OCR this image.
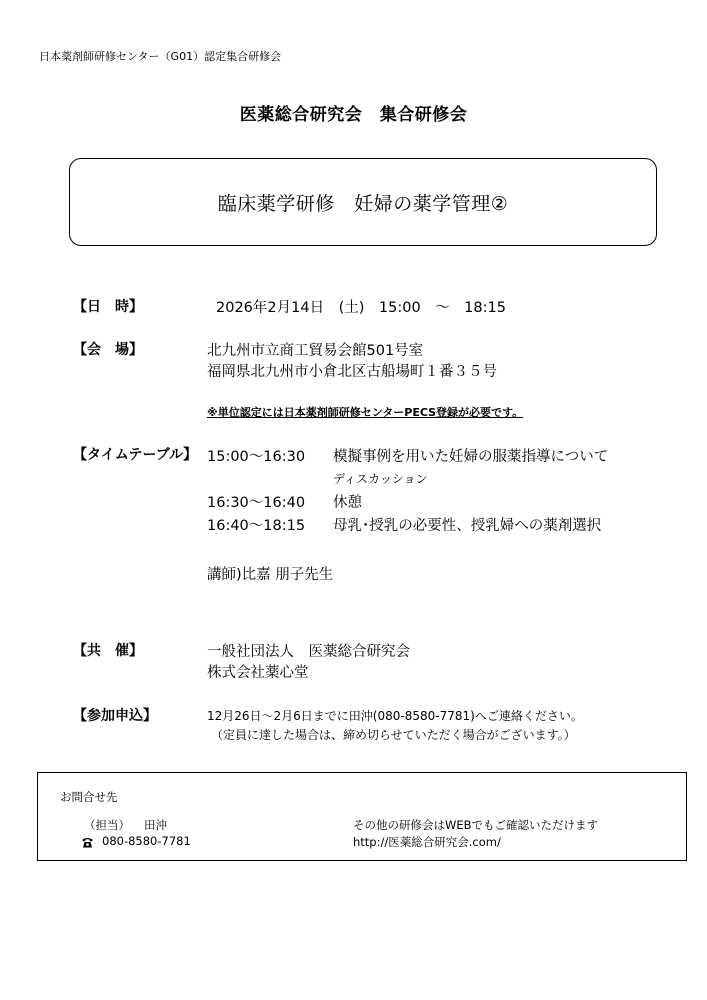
日本薬剤師研修センター（G01）認定集合研修会
医薬総合研究会　集合研修会
臨床薬学研修　妊婦の薬学管理②
【日　時】	2026年2月14日　(土)　15:00　～　18:15
【会　場】	北九州市立商工貿易会館501号室
福岡県北九州市小倉北区古船場町１番３５号
※単位認定には日本薬剤師研修センターPECS登録が必要です。
【タイムテーブル】 15:00～16:30 模擬事例を用いた妊婦の服薬指導について
ディスカッション
16:30～16:40 休憩
16:40～18:15 母乳･授乳の必要性、授乳婦への薬剤選択
講師)比嘉 朋子先生
【共　催】	一般社団法人　医薬総合研究会
株式会社薬心堂
【参加申込】	12月26日～2月6日までに田沖(080-8580-7781)へご連絡ください。
（定員に達した場合は、締め切らせていただく場合がございます。）
お問合せ先
（担当） 田沖
080-8580-7781
その他の研修会はWEBでもご確認いただけます
http://医薬総合研究会.com/
